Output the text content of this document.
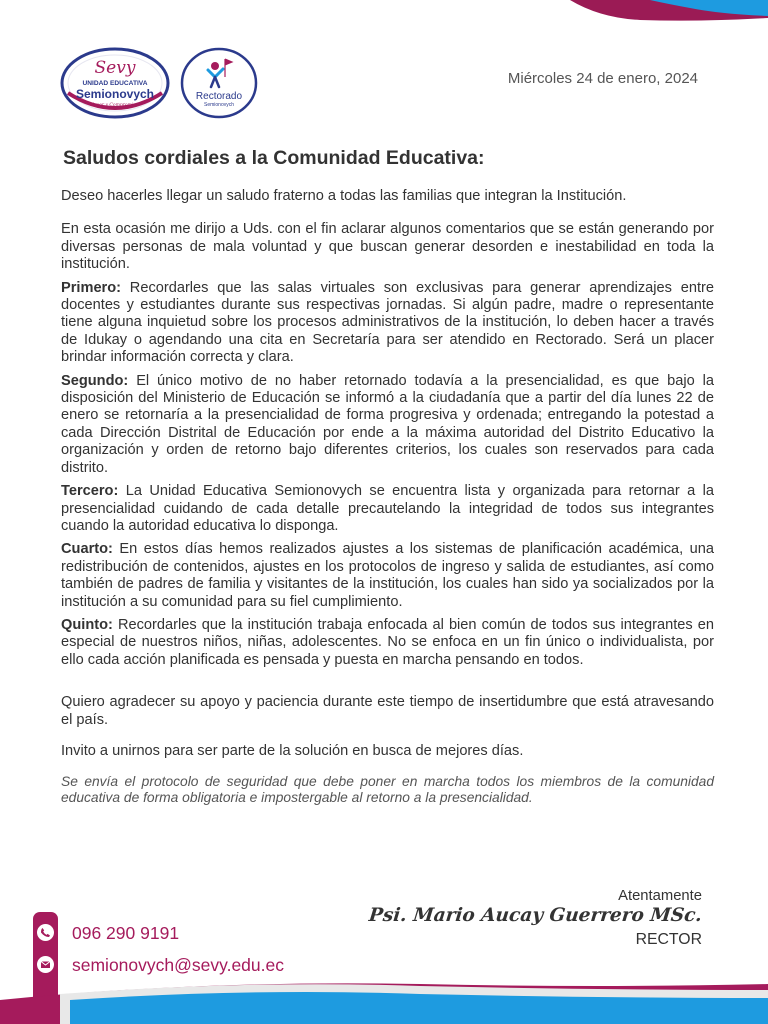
Sevy
UNIDAD EDUCATIVA
Semionovych
Amor y Compromiso
Rectorado
Semionovych
Miércoles 24 de enero, 2024
Saludos cordiales a la Comunidad Educativa:

Deseo hacerles llegar un saludo fraterno a todas las familias que integran la Institución.

En esta ocasión me dirijo a Uds. con el fin aclarar algunos comentarios que se están generando por diversas personas de mala voluntad y que buscan generar desorden e inestabilidad en toda la institución.

Primero: Recordarles que las salas virtuales son exclusivas para generar aprendizajes entre docentes y estudiantes durante sus respectivas jornadas. Si algún padre, madre o representante tiene alguna inquietud sobre los procesos administrativos de la institución, lo deben hacer a través de Idukay o agendando una cita en Secretaría para ser atendido en Rectorado. Será un placer brindar información correcta y clara.

Segundo: El único motivo de no haber retornado todavía a la presencialidad, es que bajo la disposición del Ministerio de Educación se informó a la ciudadanía que a partir del día lunes 22 de enero se retornaría a la presencialidad de forma progresiva y ordenada; entregando la potestad a cada Dirección Distrital de Educación por ende a la máxima autoridad del Distrito Educativo la organización y orden de retorno bajo diferentes criterios, los cuales son reservados para cada distrito.

Tercero: La Unidad Educativa Semionovych se encuentra lista y organizada para retornar a la presencialidad cuidando de cada detalle precautelando la integridad de todos sus integrantes cuando la autoridad educativa lo disponga.

Cuarto: En estos días hemos realizados ajustes a los sistemas de planificación académica, una redistribución de contenidos, ajustes en los protocolos de ingreso y salida de estudiantes, así como también de padres de familia y visitantes de la institución, los cuales han sido ya socializados por la institución a su comunidad para su fiel cumplimiento.

Quinto: Recordarles que la institución trabaja enfocada al bien común de todos sus integrantes en especial de nuestros niños, niñas, adolescentes. No se enfoca en un fin único o individualista, por ello cada acción planificada es pensada y puesta en marcha pensando en todos.

Quiero agradecer su apoyo y paciencia durante este tiempo de insertidumbre que está atravesando el país.

Invito a unirnos para ser parte de la solución en busca de mejores días.

Se envía el protocolo de seguridad que debe poner en marcha todos los miembros de la comunidad educativa de forma obligatoria e impostergable al retorno a la presencialidad.

Atentamente
Psi. Mario Aucay Guerrero MSc.
RECTOR
096 290 9191
semionovych@sevy.edu.ec
